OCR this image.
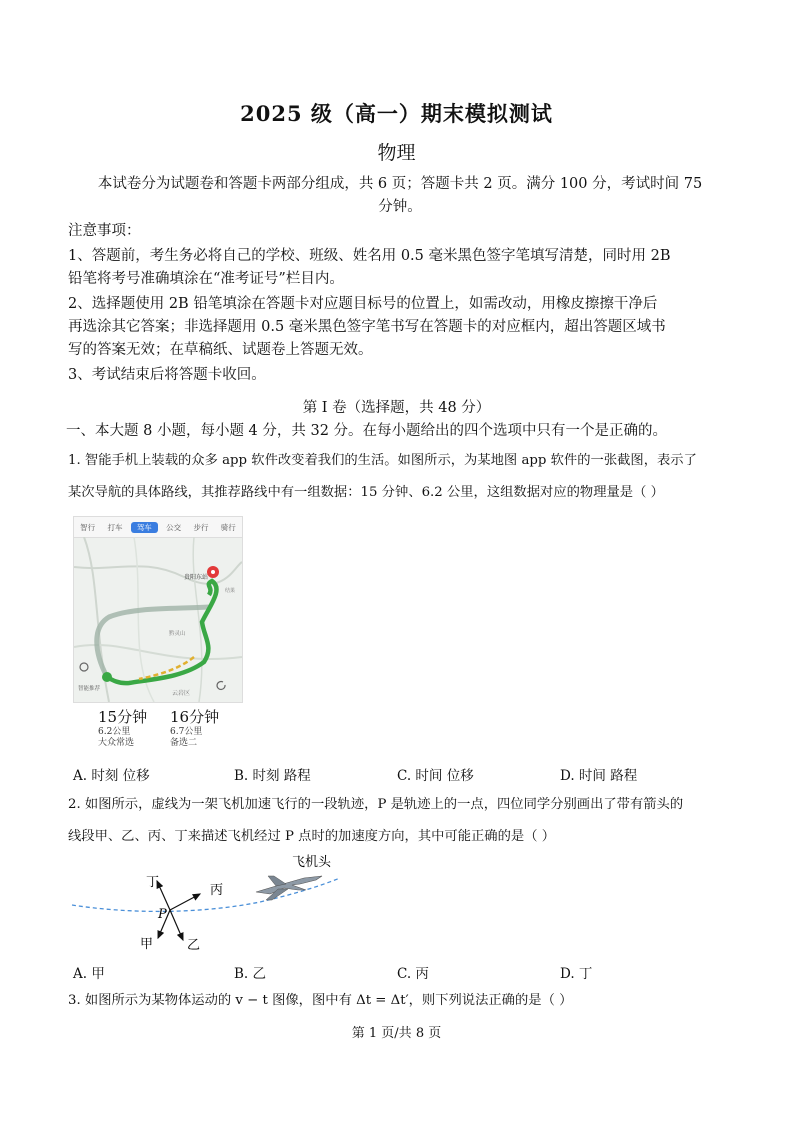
2025 级（高一）期末模拟测试
物理
本试卷分为试题卷和答题卡两部分组成，共 6 页；答题卡共 2 页。满分 100 分，考试时间 75
分钟。
注意事项：
1、答题前，考生务必将自己的学校、班级、姓名用 0.5 毫米黑色签字笔填写清楚，同时用 2B
铅笔将考号准确填涂在“准考证号”栏目内。
2、选择题使用 2B 铅笔填涂在答题卡对应题目标号的位置上，如需改动，用橡皮擦擦干净后
再选涂其它答案；非选择题用 0.5 毫米黑色签字笔书写在答题卡的对应框内，超出答题区域书
写的答案无效；在草稿纸、试题卷上答题无效。
3、考试结束后将答题卡收回。
第 I 卷（选择题，共 48 分）
一、本大题 8 小题，每小题 4 分，共 32 分。在每小题给出的四个选项中只有一个是正确的。
1. 智能手机上装载的众多 app 软件改变着我们的生活。如图所示，为某地图 app 软件的一张截图，表示了
某次导航的具体路线，其推荐路线中有一组数据：15 分钟、6.2 公里，这组数据对应的物理量是（ ）
智行	打车	驾车	公交	步行	骑行
贵阳东站
黔灵山
云岩区
结果
智能推荐
15分钟
6.2公里
大众常选
16分钟
6.7公里
备选二
A. 时刻 位移	B. 时刻 路程	C. 时间 位移	D. 时间 路程
2. 如图所示，虚线为一架飞机加速飞行的一段轨迹，P 是轨迹上的一点，四位同学分别画出了带有箭头的
线段甲、乙、丙、丁来描述飞机经过 P 点时的加速度方向，其中可能正确的是（ ）
飞机头
P
丁
丙
甲	乙
A. 甲	B. 乙	C. 丙	D. 丁
3. 如图所示为某物体运动的 v − t 图像，图中有 Δt = Δt′，则下列说法正确的是（ ）
第 1 页/共 8 页
